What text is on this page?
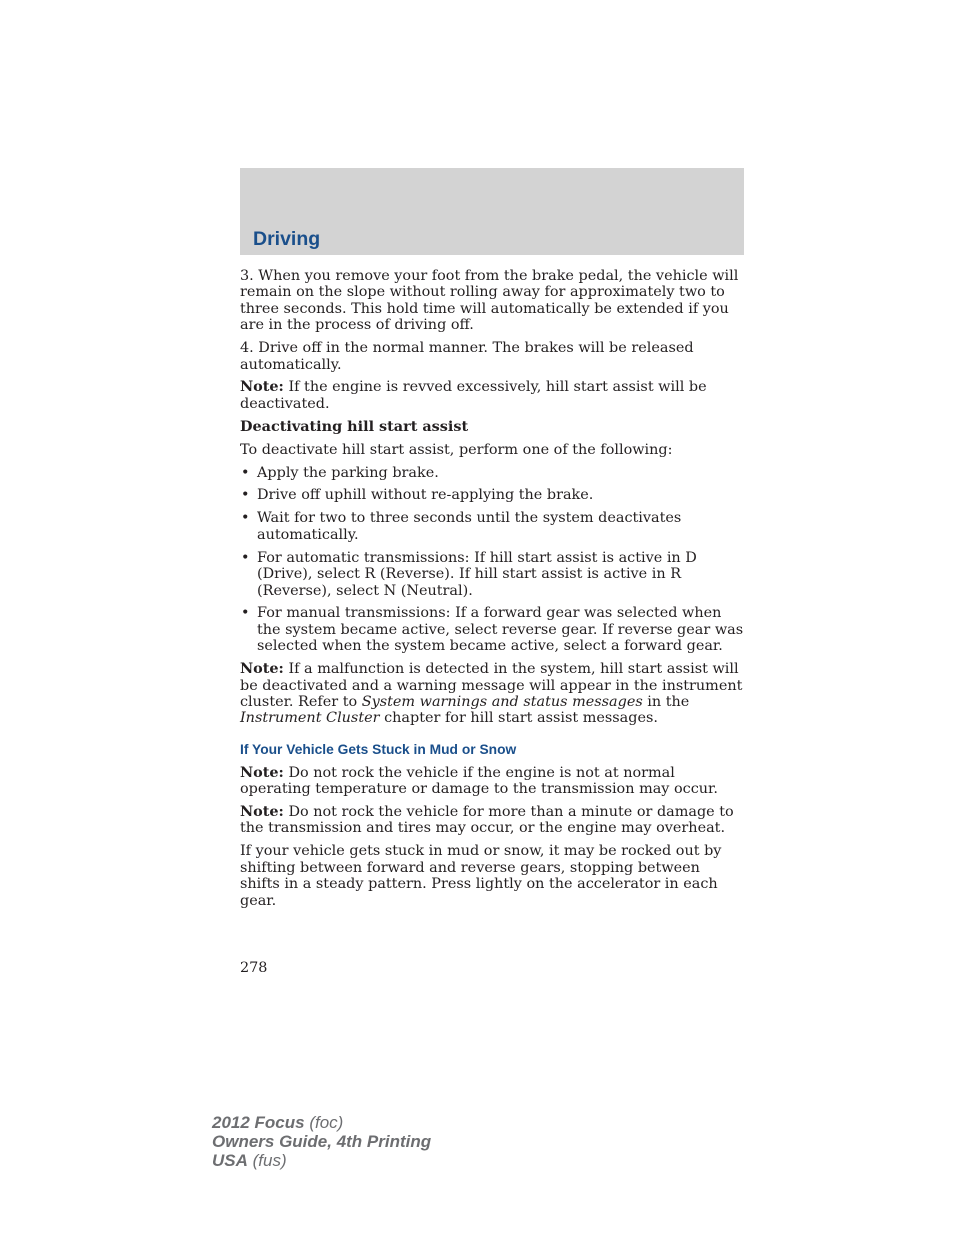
Driving

3. When you remove your foot from the brake pedal, the vehicle will remain on the slope without rolling away for approximately two to three seconds. This hold time will automatically be extended if you are in the process of driving off.

4. Drive off in the normal manner. The brakes will be released automatically.

Note: If the engine is revved excessively, hill start assist will be deactivated.

Deactivating hill start assist

To deactivate hill start assist, perform one of the following:

• Apply the parking brake.
• Drive off uphill without re-applying the brake.
• Wait for two to three seconds until the system deactivates automatically.
• For automatic transmissions: If hill start assist is active in D (Drive), select R (Reverse). If hill start assist is active in R (Reverse), select N (Neutral).
• For manual transmissions: If a forward gear was selected when the system became active, select reverse gear. If reverse gear was selected when the system became active, select a forward gear.

Note: If a malfunction is detected in the system, hill start assist will be deactivated and a warning message will appear in the instrument cluster. Refer to System warnings and status messages in the Instrument Cluster chapter for hill start assist messages.

If Your Vehicle Gets Stuck in Mud or Snow

Note: Do not rock the vehicle if the engine is not at normal operating temperature or damage to the transmission may occur.

Note: Do not rock the vehicle for more than a minute or damage to the transmission and tires may occur, or the engine may overheat.

If your vehicle gets stuck in mud or snow, it may be rocked out by shifting between forward and reverse gears, stopping between shifts in a steady pattern. Press lightly on the accelerator in each gear.

278
2012 Focus (foc)
Owners Guide, 4th Printing
USA (fus)
